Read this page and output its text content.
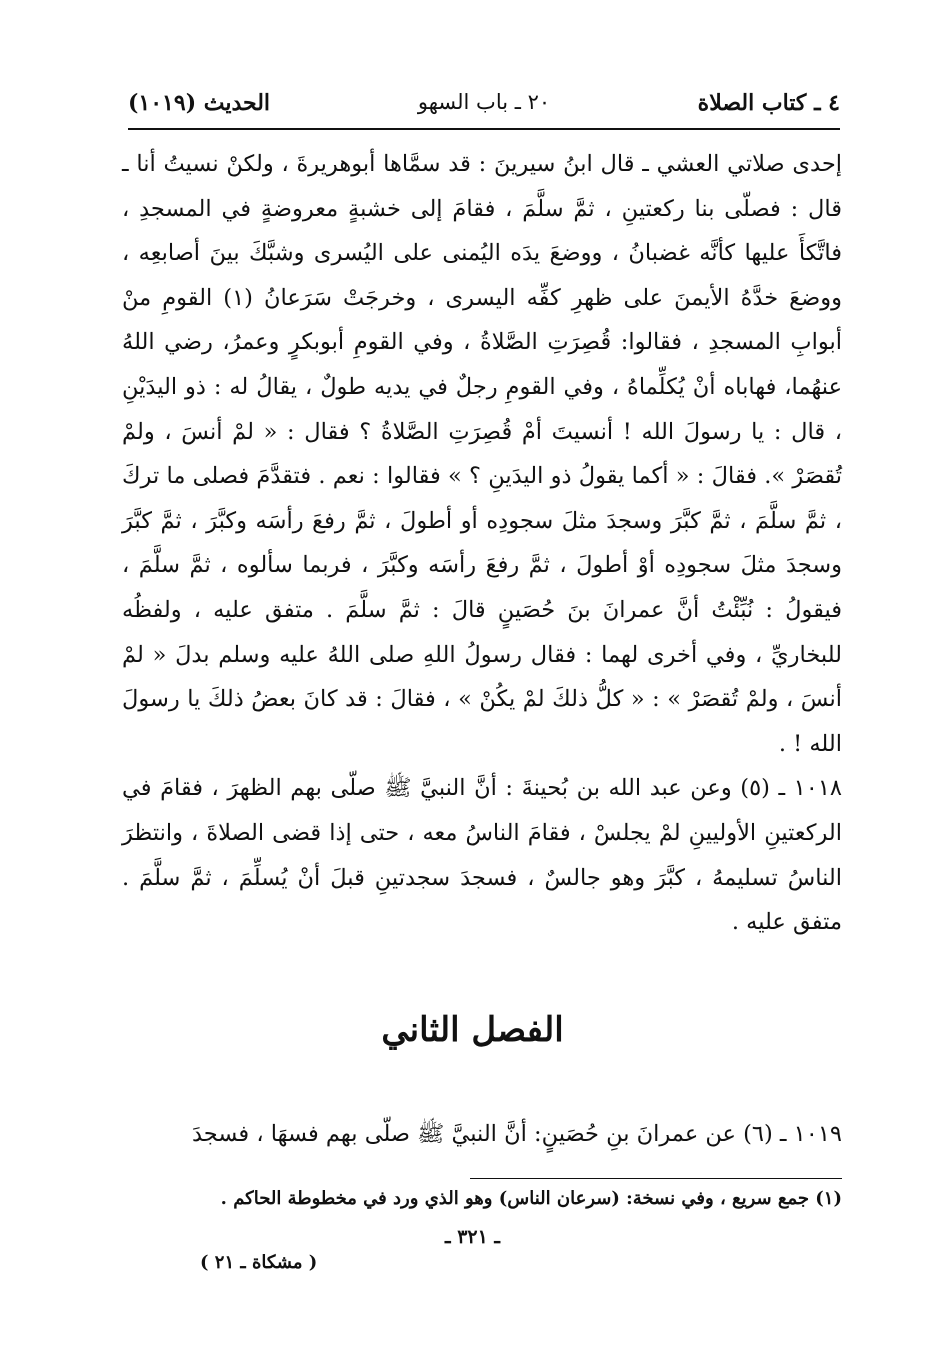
٤ ـ كتاب الصلاة
٢٠ ـ باب السهو
الحديث (١٠١٩)

إحدى صلاتي العشي ـ قال ابنُ سيرينَ : قد سمَّاها أبوهريرةَ ، ولكنْ نسيتُ أنا ـ قال : فصلّى بنا ركعتينِ ، ثمَّ سلَّمَ ، فقامَ إلى خشبةٍ معروضةٍ في المسجدِ ، فاتَّكأَ عليها كأنَّه غضبانُ ، ووضعَ يدَه اليُمنى على اليُسرى وشبَّكَ بينَ أصابعِه ، ووضعَ خدَّهُ الأيمنَ على ظهرِ كفِّه اليسرى ، وخرجَتْ سَرَعانُ (١) القومِ منْ أبوابِ المسجدِ ، فقالوا: قُصِرَتِ الصَّلاةُ ، وفي القومِ أبوبكرٍ وعمرُ، رضي اللهُ عنهُما، فهاباه أنْ يُكلِّماهُ ، وفي القومِ رجلٌ في يديه طولٌ ، يقالُ له : ذو اليدَيْنِ ، قال : يا رسولَ الله ! أنسيتَ أمْ قُصِرَتِ الصَّلاةُ ؟ فقال : « لمْ أنسَ ، ولمْ تُقصَرْ ». فقالَ : « أكما يقولُ ذو اليدَينِ ؟ » فقالوا : نعم . فتقدَّمَ فصلى ما تركَ ، ثمَّ سلَّمَ ، ثمَّ كبَّرَ وسجدَ مثلَ سجودِه أو أطولَ ، ثمَّ رفعَ رأسَه وكبَّرَ ، ثمَّ كبَّرَ وسجدَ مثلَ سجودِه أوْ أطولَ ، ثمَّ رفعَ رأسَه وكبَّرَ ، فربما سألوه ، ثمَّ سلَّمَ ، فيقولُ : نُبِّئْتُ أنَّ عمرانَ بنَ حُصَينٍ قالَ : ثمَّ سلَّمَ . متفق عليه ، ولفظُه للبخاريِّ ، وفي أخرى لهما : فقال رسولُ اللهِ صلى اللهُ عليه وسلم بدلَ « لمْ أنسَ ، ولمْ تُقصَرْ » : « كلُّ ذلكَ لمْ يكُنْ » ، فقالَ : قد كانَ بعضُ ذلكَ يا رسولَ الله ! .

١٠١٨ ـ (٥) وعن عبد الله بن بُحينةَ : أنَّ النبيَّ ﷺ صلّى بهم الظهرَ ، فقامَ في الركعتينِ الأوليينِ لمْ يجلسْ ، فقامَ الناسُ معه ، حتى إذا قضى الصلاةَ ، وانتظرَ الناسُ تسليمهُ ، كبَّرَ وهو جالسٌ ، فسجدَ سجدتينِ قبلَ أنْ يُسلِّمَ ، ثمَّ سلَّمَ . متفق عليه .

الفصل الثاني
١٠١٩ ـ (٦) عن عمرانَ بنِ حُصَينٍ: أنَّ النبيَّ ﷺ صلّى بهم فسهَا ، فسجدَ
(١) جمع سريع ، وفي نسخة: (سرعان الناس) وهو الذي ورد في مخطوطة الحاكم .
ـ ٣٢١ ـ
( مشكاة ـ ٢١ )
